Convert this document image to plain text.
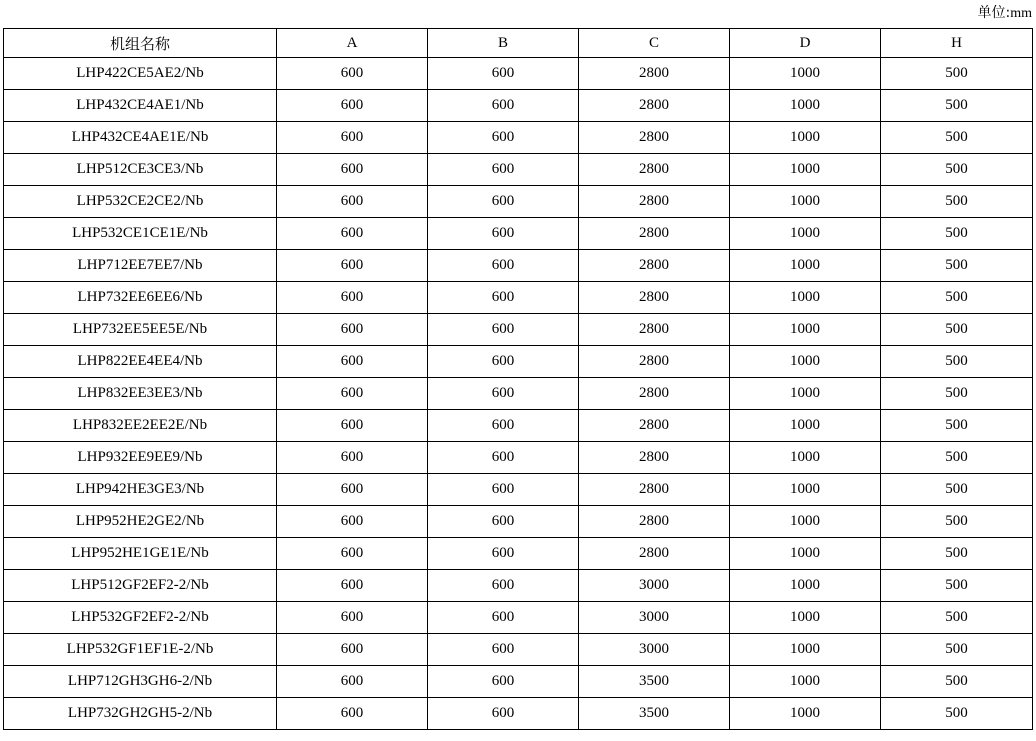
单位:mm
机组名称	A	B	C	D	H
LHP422CE5AE2/Nb	600	600	2800	1000	500
LHP432CE4AE1/Nb	600	600	2800	1000	500
LHP432CE4AE1E/Nb	600	600	2800	1000	500
LHP512CE3CE3/Nb	600	600	2800	1000	500
LHP532CE2CE2/Nb	600	600	2800	1000	500
LHP532CE1CE1E/Nb	600	600	2800	1000	500
LHP712EE7EE7/Nb	600	600	2800	1000	500
LHP732EE6EE6/Nb	600	600	2800	1000	500
LHP732EE5EE5E/Nb	600	600	2800	1000	500
LHP822EE4EE4/Nb	600	600	2800	1000	500
LHP832EE3EE3/Nb	600	600	2800	1000	500
LHP832EE2EE2E/Nb	600	600	2800	1000	500
LHP932EE9EE9/Nb	600	600	2800	1000	500
LHP942HE3GE3/Nb	600	600	2800	1000	500
LHP952HE2GE2/Nb	600	600	2800	1000	500
LHP952HE1GE1E/Nb	600	600	2800	1000	500
LHP512GF2EF2-2/Nb	600	600	3000	1000	500
LHP532GF2EF2-2/Nb	600	600	3000	1000	500
LHP532GF1EF1E-2/Nb	600	600	3000	1000	500
LHP712GH3GH6-2/Nb	600	600	3500	1000	500
LHP732GH2GH5-2/Nb	600	600	3500	1000	500
